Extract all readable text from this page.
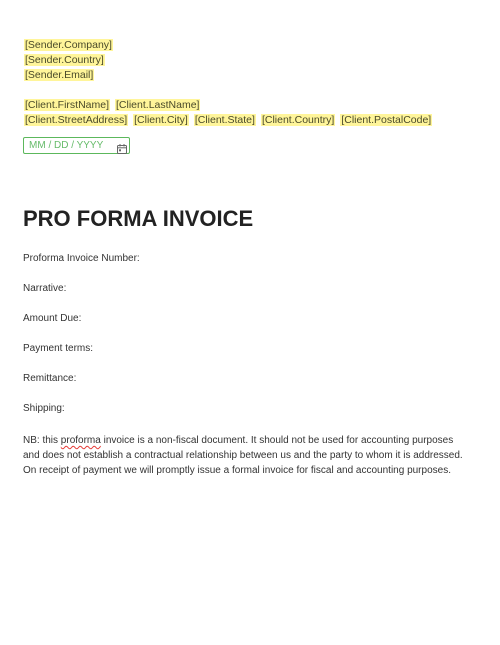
[Sender.Company]
[Sender.Country]
[Sender.Email]
[Client.FirstName] [Client.LastName]
[Client.StreetAddress] [Client.City] [Client.State] [Client.Country] [Client.PostalCode]
MM / DD / YYYY
PRO FORMA INVOICE
Proforma Invoice Number:
Narrative:
Amount Due:
Payment terms:
Remittance:
Shipping:

NB: this proforma invoice is a non-fiscal document. It should not be used for accounting purposes

and does not establish a contractual relationship between us and the party to whom it is addressed.

On receipt of payment we will promptly issue a formal invoice for fiscal and accounting purposes.
